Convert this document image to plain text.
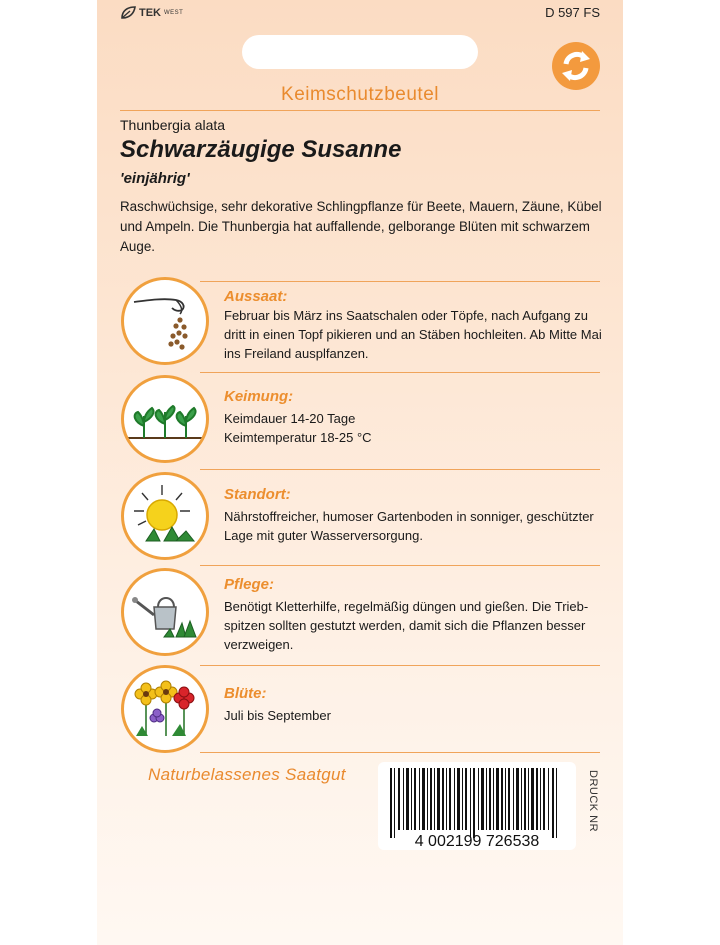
TEK WEST	D 597 FS
Keimschutzbeutel
Thunbergia alata
Schwarzäugige Susanne
'einjährig'
Raschwüchsige, sehr dekorative Schlingpflanze für Beete, Mauern, Zäune, Kübel und Ampeln. Die Thunbergia hat auffallende, gelborange Blüten mit schwarzem Auge.
Aussaat:
Februar bis März ins Saatschalen oder Töpfe, nach Aufgang zu dritt in einen Topf pikieren und an Stäben hochleiten. Ab Mitte Mai ins Freiland ausplfanzen.
Keimung:
Keimdauer 14-20 Tage
Keimtemperatur 18-25 °C
Standort:
Nährstoffreicher, humoser Gartenboden in sonniger, geschützter Lage mit guter Wasserversorgung.
Pflege:
Benötigt Kletterhilfe, regelmäßig düngen und gießen. Die Trieb-spitzen sollten gestutzt werden, damit sich die Pflanzen besser verzweigen.
Blüte:
Juli bis September
Naturbelassenes Saatgut
4 002199 726538
DRUCK NR
